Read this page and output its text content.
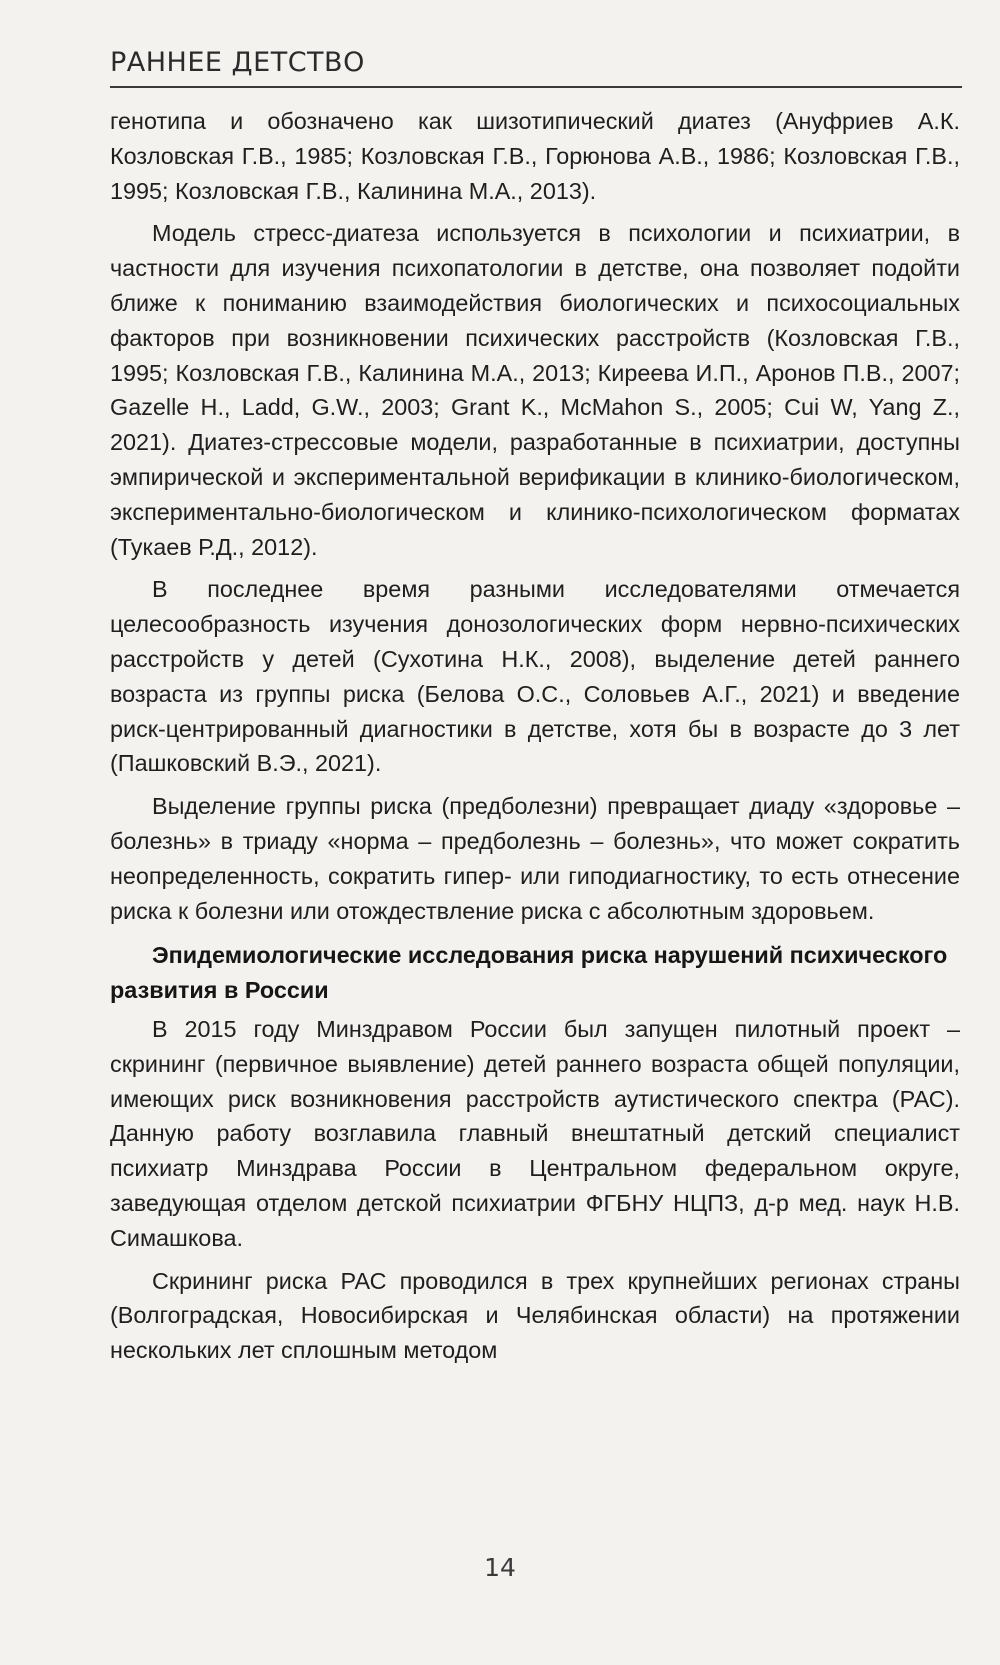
РАННЕЕ ДЕТСТВО

генотипа и обозначено как шизотипический диатез (Ануфриев А.К. Козловская Г.В., 1985; Козловская Г.В., Горюнова А.В., 1986; Козловская Г.В., 1995; Козловская Г.В., Калинина М.А., 2013).

Модель стресс-диатеза используется в психологии и психиатрии, в частности для изучения психопатологии в детстве, она позволяет подойти ближе к пониманию взаимодействия биологических и психосоциальных факторов при возникновении психических расстройств (Козловская Г.В., 1995; Козловская Г.В., Калинина М.А., 2013; Киреева И.П., Аронов П.В., 2007; Gazelle H., Ladd, G.W., 2003; Grant K., McMahon S., 2005; Cui W, Yang Z., 2021). Диатез-стрессовые модели, разработанные в психиатрии, доступны эмпирической и экспериментальной верификации в клинико-биологическом, экспериментально-биологическом и клинико-психологическом форматах (Тукаев Р.Д., 2012).

В последнее время разными исследователями отмечается целесообразность изучения донозологических форм нервно-психических расстройств у детей (Сухотина Н.К., 2008), выделение детей раннего возраста из группы риска (Белова О.С., Соловьев А.Г., 2021) и введение риск-центрированный диагностики в детстве, хотя бы в возрасте до 3 лет (Пашковский В.Э., 2021).

Выделение группы риска (предболезни) превращает диаду «здоровье – болезнь» в триаду «норма – предболезнь – болезнь», что может сократить неопределенность, сократить гипер- или гиподиагностику, то есть отнесение риска к болезни или отождествление риска с абсолютным здоровьем.

Эпидемиологические исследования риска нарушений психического развития в России

В 2015 году Минздравом России был запущен пилотный проект – скрининг (первичное выявление) детей раннего возраста общей популяции, имеющих риск возникновения расстройств аутистического спектра (РАС). Данную работу возглавила главный внештатный детский специалист психиатр Минздрава России в Центральном федеральном округе, заведующая отделом детской психиатрии ФГБНУ НЦПЗ, д-р мед. наук Н.В. Симашкова.

Скрининг риска РАС проводился в трех крупнейших регионах страны (Волгоградская, Новосибирская и Челябинская области) на протяжении нескольких лет сплошным методом

14
